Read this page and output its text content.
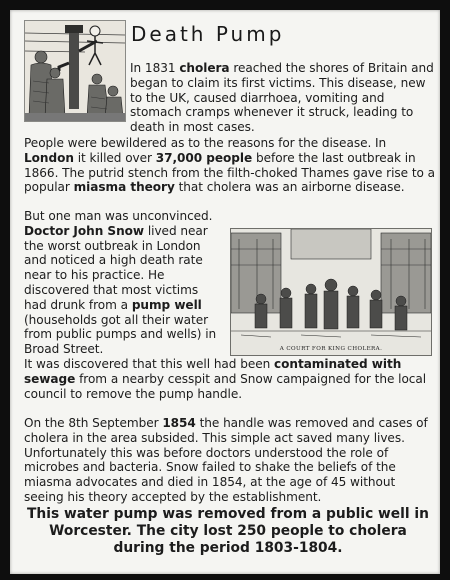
Death Pump

In 1831 cholera reached the shores of Britain and began to claim its first victims. This disease, new to the UK, caused diarrhoea, vomiting and stomach cramps whenever it struck, leading to death in most cases.

People were bewildered as to the reasons for the disease. In London it killed over 37,000 people before the last outbreak in 1866. The putrid stench from the filth-choked Thames gave rise to a popular miasma theory that cholera was an airborne disease.

But one man was unconvinced. Doctor John Snow lived near the worst outbreak in London and noticed a high death rate near to his practice. He discovered that most victims had drunk from a pump well (households got all their water from public pumps and wells) in Broad Street.	A COURT FOR KING CHOLERA.

It was discovered that this well had been contaminated with sewage from a nearby cesspit and Snow campaigned for the local council to remove the pump handle.

On the 8th September 1854 the handle was removed and cases of cholera in the area subsided. This simple act saved many lives. Unfortunately this was before doctors understood the role of microbes and bacteria. Snow failed to shake the beliefs of the miasma advocates and died in 1854, at the age of 45 without seeing his theory accepted by the establishment.

This water pump was removed from a public well in Worcester. The city lost 250 people to cholera during the period 1803-1804.
